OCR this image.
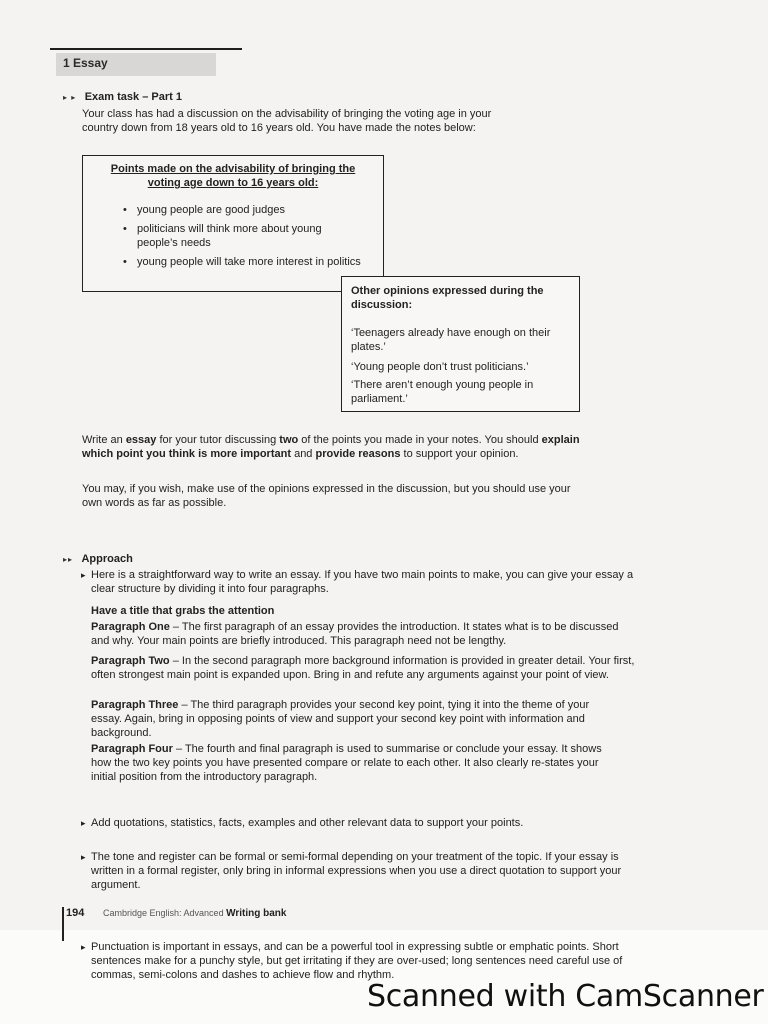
1 Essay
▸ ▸ Exam task – Part 1
Your class has had a discussion on the advisability of bringing the voting age in your
country down from 18 years old to 16 years old. You have made the notes below:
Points made on the advisability of bringing the voting age down to 16 years old:
• young people are good judges
• politicians will think more about young people’s needs
• young people will take more interest in politics
Other opinions expressed during the discussion:
‘Teenagers already have enough on their plates.’
‘Young people don’t trust politicians.’
‘There aren’t enough young people in parliament.’
Write an essay for your tutor discussing two of the points you made in your notes. You should explain which point you think is more important and provide reasons to support your opinion.
You may, if you wish, make use of the opinions expressed in the discussion, but you should use your own words as far as possible.
▸▸ Approach
▸ Here is a straightforward way to write an essay. If you have two main points to make, you can give your essay a clear structure by dividing it into four paragraphs.
Have a title that grabs the attention
Paragraph One – The first paragraph of an essay provides the introduction. It states what is to be discussed and why. Your main points are briefly introduced. This paragraph need not be lengthy.
Paragraph Two – In the second paragraph more background information is provided in greater detail. Your first, often strongest main point is expanded upon. Bring in and refute any arguments against your point of view.
Paragraph Three – The third paragraph provides your second key point, tying it into the theme of your essay. Again, bring in opposing points of view and support your second key point with information and background.
Paragraph Four – The fourth and final paragraph is used to summarise or conclude your essay. It shows how the two key points you have presented compare or relate to each other. It also clearly re-states your initial position from the introductory paragraph.
▸ Add quotations, statistics, facts, examples and other relevant data to support your points.
▸ The tone and register can be formal or semi-formal depending on your treatment of the topic. If your essay is written in a formal register, only bring in informal expressions when you use a direct quotation to support your argument.
▸ Punctuation is important in essays, and can be a powerful tool in expressing subtle or emphatic points. Short sentences make for a punchy style, but get irritating if they are over-used; long sentences need careful use of commas, semi-colons and dashes to achieve flow and rhythm.
194 Cambridge English: Advanced Writing bank
Scanned with CamScanner
